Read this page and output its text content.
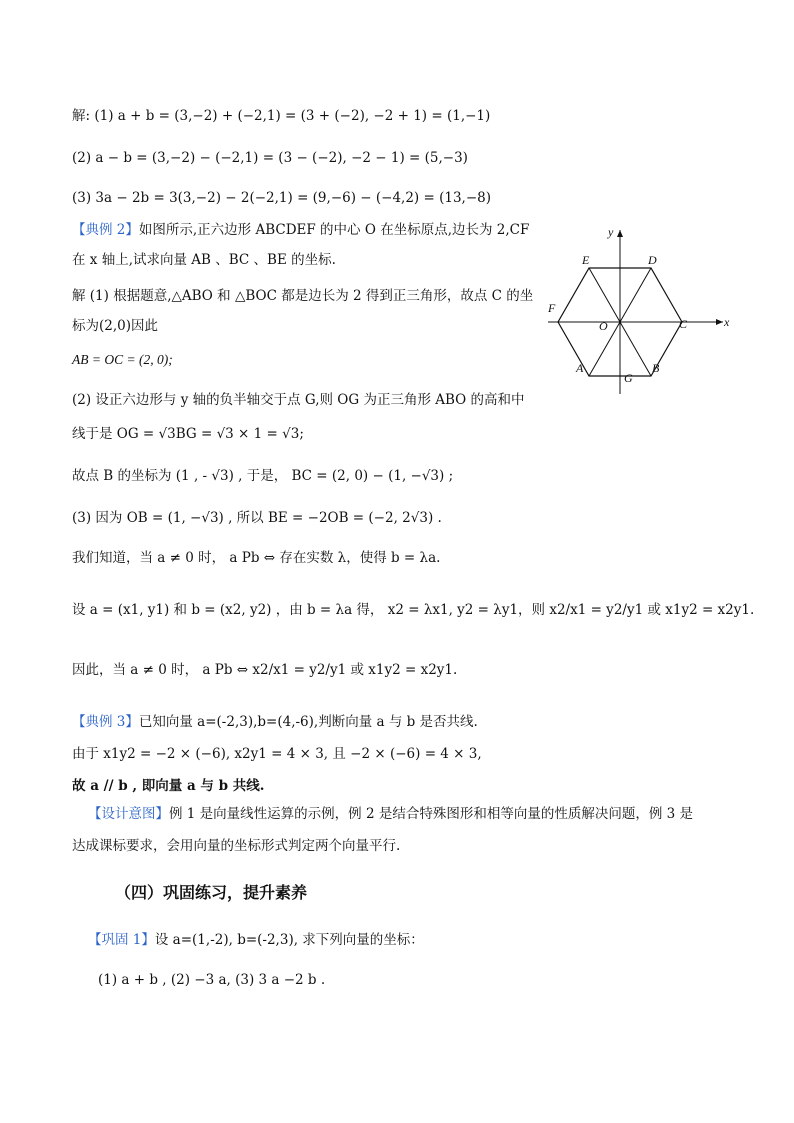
解: (1) a + b = (3,−2) + (−2,1) = (3 + (−2), −2 + 1) = (1,−1)
(2) a − b = (3,−2) − (−2,1) = (3 − (−2), −2 − 1) = (5,−3)
(3) 3a − 2b = 3(3,−2) − 2(−2,1) = (9,−6) − (−4,2) = (13,−8)
【典例 2】如图所示,正六边形 ABCDEF 的中心 O 在坐标原点,边长为 2,CF
在 x 轴上,试求向量 AB 、BC 、BE 的坐标.
解 (1) 根据题意,△ABO 和 △BOC 都是边长为 2 得到正三角形，故点 C 的坐
标为(2,0)因此
AB = OC = (2, 0);
(2) 设正六边形与 y 轴的负半轴交于点 G,则 OG 为正三角形 ABO 的高和中
线于是 OG = √3BG = √3 × 1 = √3;
故点 B 的坐标为 (1 , - √3) , 于是， BC = (2, 0) − (1, −√3) ;
(3) 因为 OB = (1, −√3) , 所以 BE = −2OB = (−2, 2√3) .
我们知道，当 a ≠ 0 时， a Pb ⇔ 存在实数 λ，使得 b = λa.
设 a = (x1, y1) 和 b = (x2, y2) ，由 b = λa 得， x2 = λx1, y2 = λy1，则 x2/x1 = y2/y1 或 x1y2 = x2y1.
因此，当 a ≠ 0 时， a Pb ⇔ x2/x1 = y2/y1 或 x1y2 = x2y1.
【典例 3】已知向量 a=(-2,3),b=(4,-6),判断向量 a 与 b 是否共线.
由于 x1y2 = −2 × (−6), x2y1 = 4 × 3, 且 −2 × (−6) = 4 × 3,
故 a // b , 即向量 a 与 b 共线.
【设计意图】例 1 是向量线性运算的示例，例 2 是结合特殊图形和相等向量的性质解决问题，例 3 是
达成课标要求，会用向量的坐标形式判定两个向量平行.
（四）巩固练习，提升素养
【巩固 1】设 a=(1,-2), b=(-2,3), 求下列向量的坐标：
(1) a + b , (2) −3 a, (3) 3 a −2 b .
y
x
D
E
F
O	C
A
G
B
